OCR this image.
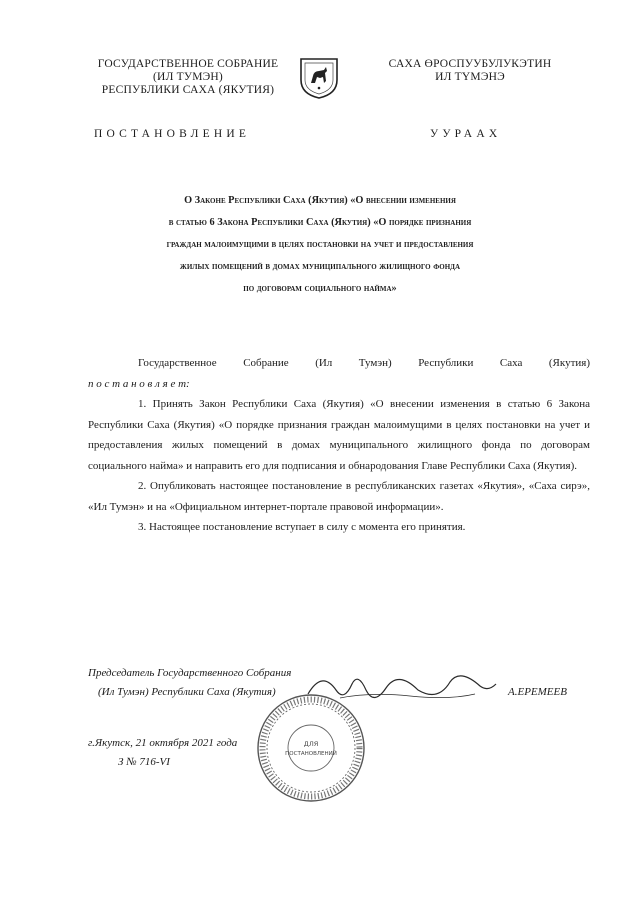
ГОСУДАРСТВЕННОЕ СОБРАНИЕ
(ИЛ ТУМЭН)
РЕСПУБЛИКИ САХА (ЯКУТИЯ)
САХА ӨРОСПУУБУЛУКЭТИН
ИЛ ТҮМЭНЭ
ПОСТАНОВЛЕНИЕ	УУРААХ
О Законе Республики Саха (Якутия) «О внесении изменения
в статью 6 Закона Республики Саха (Якутия) «О порядке признания
граждан малоимущими в целях постановки на учет и предоставления
жилых помещений в домах муниципального жилищного фонда
по договорам социального найма»
Государственное Собрание (Ил Тумэн) Республики Саха (Якутия)
п о с т а н о в л я е т:
1. Принять Закон Республики Саха (Якутия) «О внесении изменения в статью 6 Закона Республики Саха (Якутия) «О порядке признания граждан малоимущими в целях постановки на учет и предоставления жилых помещений в домах муниципального жилищного фонда по договорам социального найма» и направить его для подписания и обнародования Главе Республики Саха (Якутия).
2. Опубликовать настоящее постановление в республиканских газетах «Якутия», «Саха сирэ», «Ил Тумэн» и на «Официальном интернет-портале правовой информации».
3. Настоящее постановление вступает в силу с момента его принятия.
Председатель Государственного Собрания
(Ил Тумэн) Республики Саха (Якутия)	А.ЕРЕМЕЕВ
г.Якутск, 21 октября 2021 года
З № 716-VI
ДЛЯ
ПОСТАНОВЛЕНИЙ
